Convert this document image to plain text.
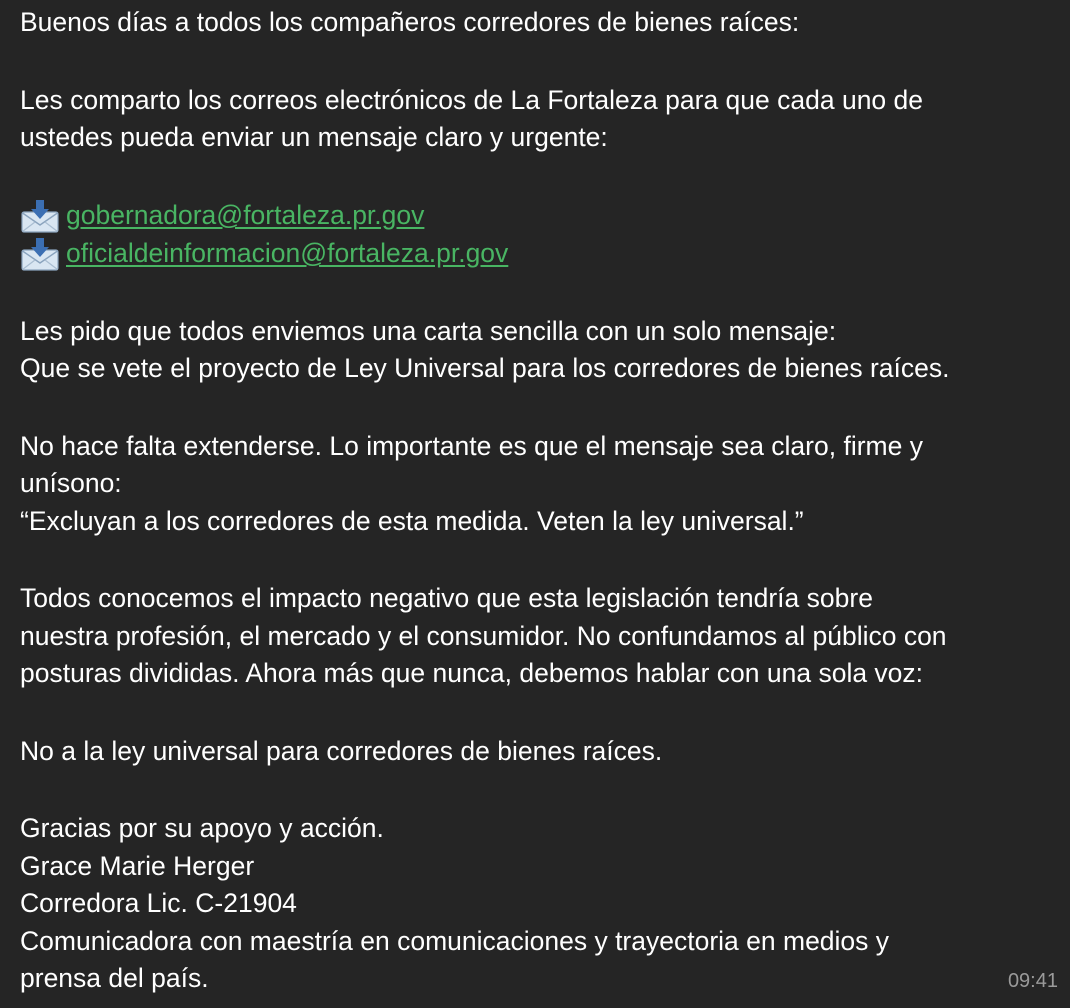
Buenos días a todos los compañeros corredores de bienes raíces:
Les comparto los correos electrónicos de La Fortaleza para que cada uno de
ustedes pueda enviar un mensaje claro y urgente:
gobernadora@fortaleza.pr.gov
oficialdeinformacion@fortaleza.pr.gov
Les pido que todos enviemos una carta sencilla con un solo mensaje:
Que se vete el proyecto de Ley Universal para los corredores de bienes raíces.
No hace falta extenderse. Lo importante es que el mensaje sea claro, firme y
unísono:
“Excluyan a los corredores de esta medida. Veten la ley universal.”
Todos conocemos el impacto negativo que esta legislación tendría sobre
nuestra profesión, el mercado y el consumidor. No confundamos al público con
posturas divididas. Ahora más que nunca, debemos hablar con una sola voz:
No a la ley universal para corredores de bienes raíces.
Gracias por su apoyo y acción.
Grace Marie Herger
Corredora Lic. C-21904
Comunicadora con maestría en comunicaciones y trayectoria en medios y
prensa del país.	09:41
